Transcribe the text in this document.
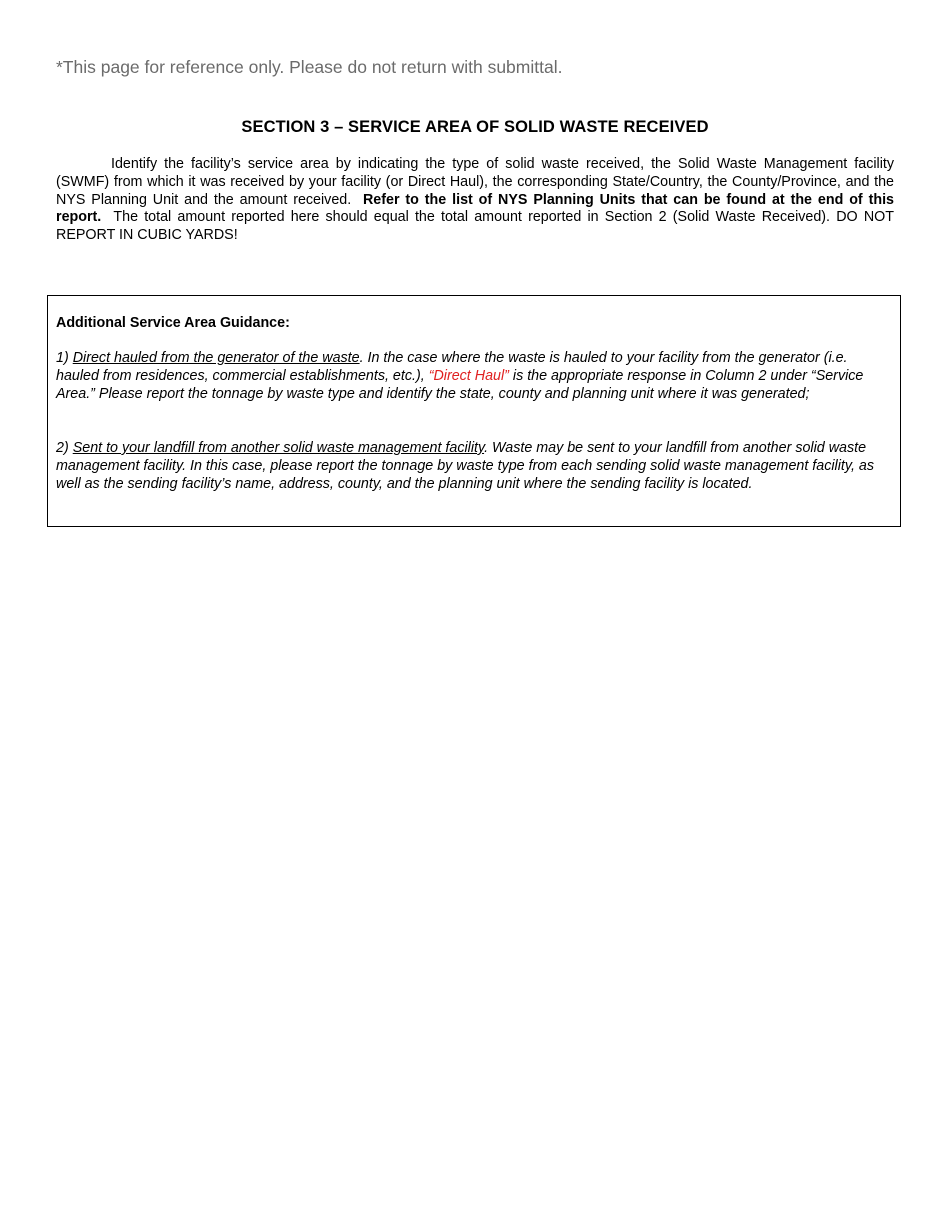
*This page for reference only. Please do not return with submittal.
SECTION 3 – SERVICE AREA OF SOLID WASTE RECEIVED

Identify the facility’s service area by indicating the type of solid waste received, the Solid Waste Management facility (SWMF) from which it was received by your facility (or Direct Haul), the corresponding State/Country, the County/Province, and the NYS Planning Unit and the amount received. Refer to the list of NYS Planning Units that can be found at the end of this report. The total amount reported here should equal the total amount reported in Section 2 (Solid Waste Received). DO NOT REPORT IN CUBIC YARDS!

Additional Service Area Guidance:

1) Direct hauled from the generator of the waste. In the case where the waste is hauled to your facility from the generator (i.e. hauled from residences, commercial establishments, etc.), “Direct Haul” is the appropriate response in Column 2 under “Service Area.” Please report the tonnage by waste type and identify the state, county and planning unit where it was generated;

2) Sent to your landfill from another solid waste management facility. Waste may be sent to your landfill from another solid waste management facility. In this case, please report the tonnage by waste type from each sending solid waste management facility, as well as the sending facility’s name, address, county, and the planning unit where the sending facility is located.
